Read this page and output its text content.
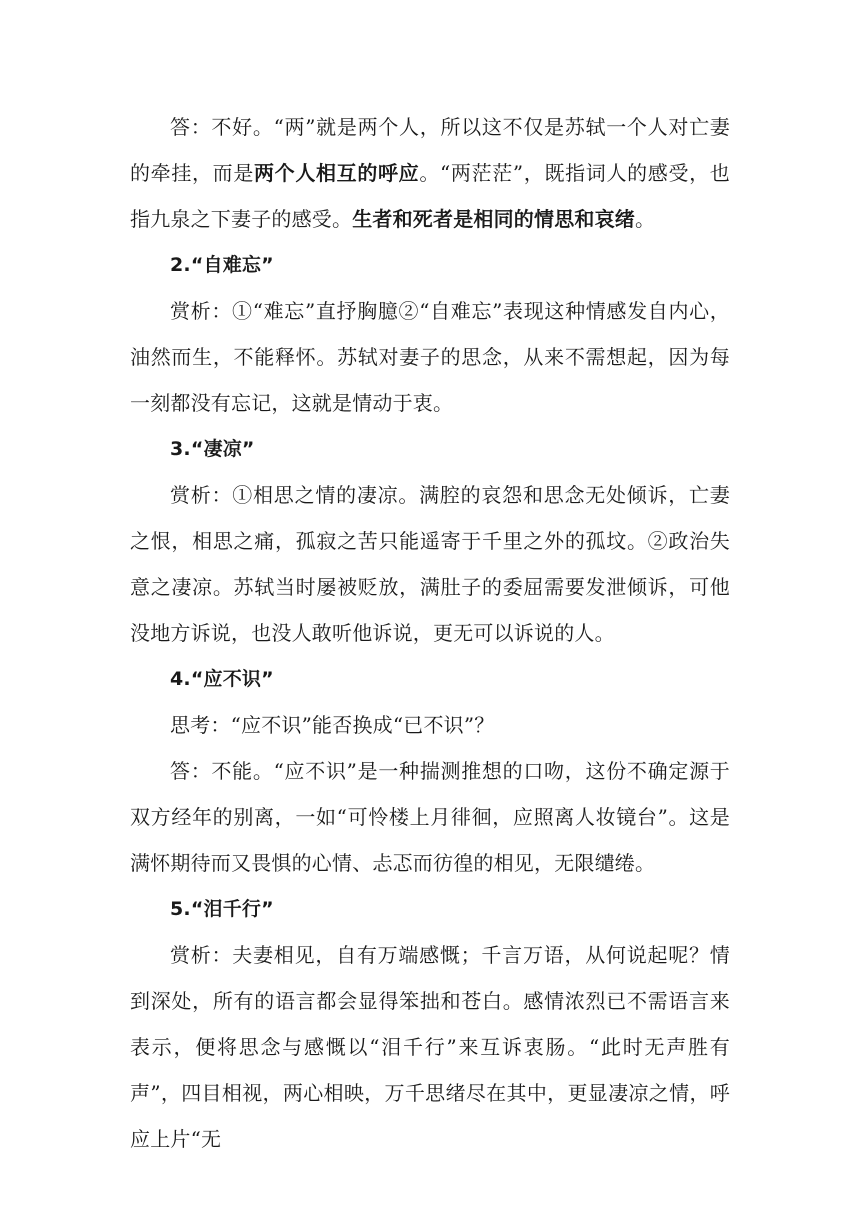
答：不好。“两”就是两个人，所以这不仅是苏轼一个人对亡妻的牵挂，而是两个人相互的呼应。“两茫茫”，既指词人的感受，也指九泉之下妻子的感受。生者和死者是相同的情思和哀绪。

2.“自难忘”

赏析：①“难忘”直抒胸臆②“自难忘”表现这种情感发自内心，油然而生，不能释怀。苏轼对妻子的思念，从来不需想起，因为每一刻都没有忘记，这就是情动于衷。

3.“凄凉”

赏析：①相思之情的凄凉。满腔的哀怨和思念无处倾诉，亡妻之恨，相思之痛，孤寂之苦只能遥寄于千里之外的孤坟。②政治失意之凄凉。苏轼当时屡被贬放，满肚子的委屈需要发泄倾诉，可他没地方诉说，也没人敢听他诉说，更无可以诉说的人。

4.“应不识”

思考：“应不识”能否换成“已不识”？

答：不能。“应不识”是一种揣测推想的口吻，这份不确定源于双方经年的别离，一如“可怜楼上月徘徊，应照离人妆镜台”。这是满怀期待而又畏惧的心情、忐忑而彷徨的相见，无限缱绻。

5.“泪千行”

赏析：夫妻相见，自有万端感慨；千言万语，从何说起呢？情到深处，所有的语言都会显得笨拙和苍白。感情浓烈已不需语言来表示，便将思念与感慨以“泪千行”来互诉衷肠。“此时无声胜有声”，四目相视，两心相映，万千思绪尽在其中，更显凄凉之情，呼应上片“无
